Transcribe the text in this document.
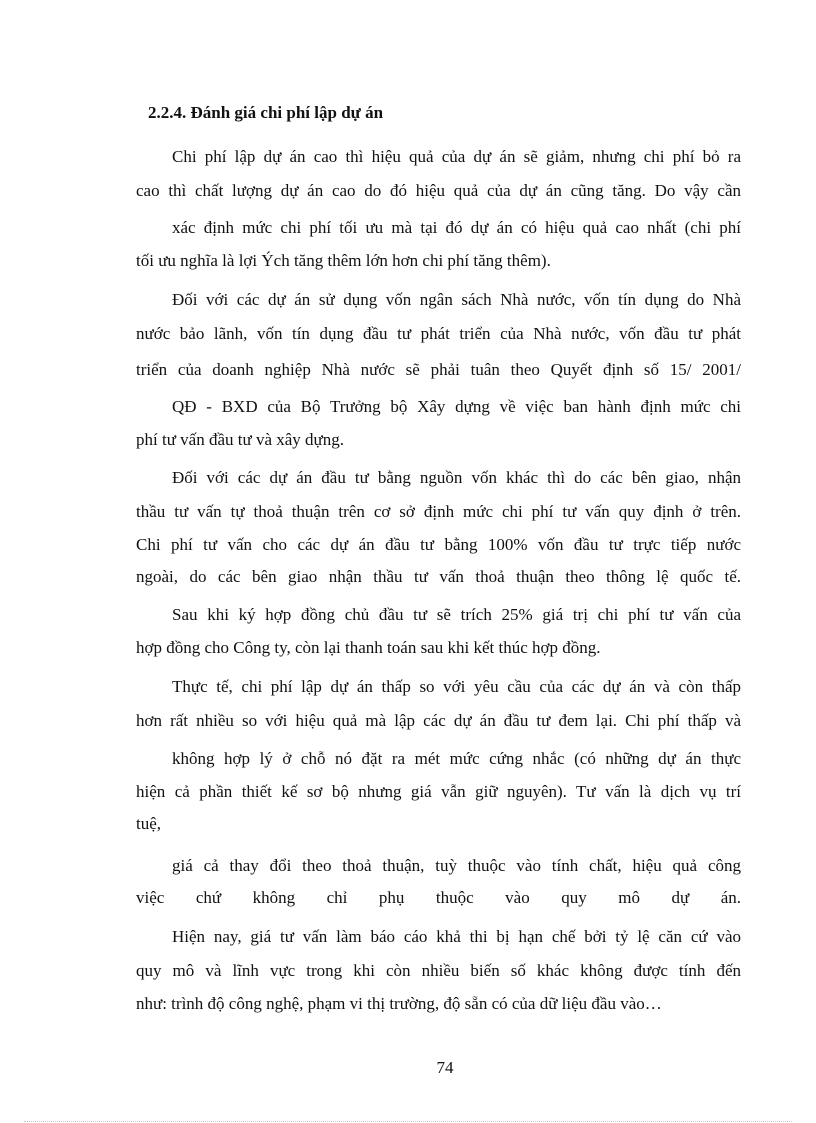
2.2.4. Đánh giá chi phí lập dự án
Chi phí lập dự án cao thì hiệu quả của dự án sẽ giảm, nhưng chi phí bỏ ra
cao thì chất lượng dự án cao do đó hiệu quả của dự án cũng tăng. Do vậy cần
xác định mức chi phí tối ưu mà tại đó dự án có hiệu quả cao nhất (chi phí
tối ưu nghĩa là lợi Ých tăng thêm lớn hơn chi phí tăng thêm).
Đối với các dự án sử dụng vốn ngân sách Nhà nước, vốn tín dụng do Nhà
nước bảo lãnh, vốn tín dụng đầu tư phát triển của Nhà nước, vốn đầu tư phát
triển của doanh nghiệp Nhà nước sẽ phải tuân theo Quyết định số 15/ 2001/
QĐ - BXD của Bộ Trưởng bộ Xây dựng về việc ban hành định mức chi
phí tư vấn đầu tư và xây dựng.
Đối với các dự án đầu tư bằng nguồn vốn khác thì do các bên giao, nhận
thầu tư vấn tự thoả thuận trên cơ sở định mức chi phí tư vấn quy định ở trên.
Chi phí tư vấn cho các dự án đầu tư bằng 100% vốn đầu tư trực tiếp nước
ngoài, do các bên giao nhận thầu tư vấn thoả thuận theo thông lệ quốc tế.
Sau khi ký hợp đồng chủ đầu tư sẽ trích 25% giá trị chi phí tư vấn của
hợp đồng cho Công ty, còn lại thanh toán sau khi kết thúc hợp đồng.
Thực tế, chi phí lập dự án thấp so với yêu cầu của các dự án và còn thấp
hơn rất nhiều so với hiệu quả mà lập các dự án đầu tư đem lại. Chi phí thấp và
không hợp lý ở chỗ nó đặt ra mét mức cứng nhắc (có những dự án thực
hiện cả phần thiết kế sơ bộ nhưng giá vẫn giữ nguyên). Tư vấn là dịch vụ trí
tuệ,
giá cả thay đổi theo thoả thuận, tuỳ thuộc vào tính chất, hiệu quả công
việc chứ không chỉ phụ thuộc vào quy mô dự án.
Hiện nay, giá tư vấn làm báo cáo khả thi bị hạn chế bởi tỷ lệ căn cứ vào
quy mô và lĩnh vực trong khi còn nhiều biến số khác không được tính đến
như: trình độ công nghệ, phạm vi thị trường, độ sẵn có của dữ liệu đầu vào…
74
